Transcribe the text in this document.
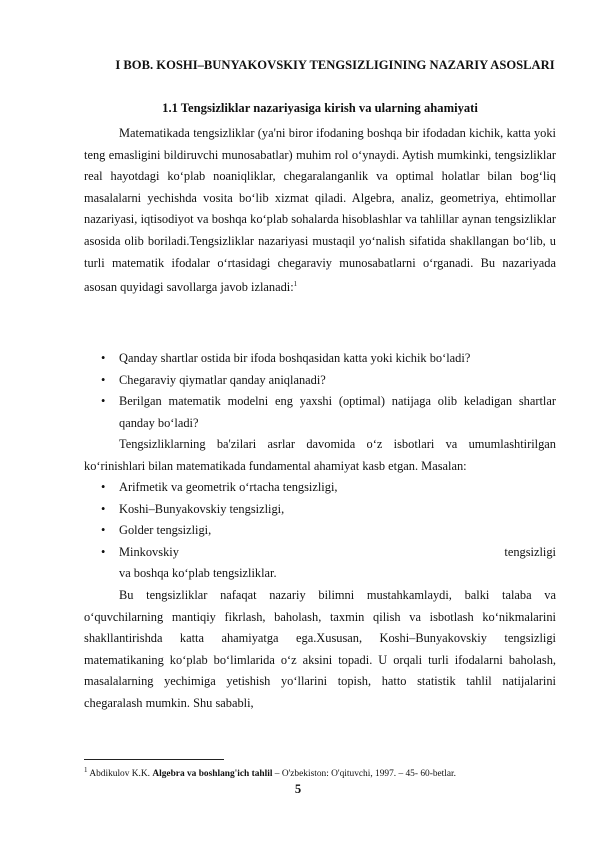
I BOB. KOSHI–BUNYAKOVSKIY TENGSIZLIGINING NAZARIY ASOSLARI
1.1 Tengsizliklar nazariyasiga kirish va ularning ahamiyati

Matematikada tengsizliklar (ya'ni biror ifodaning boshqa bir ifodadan kichik, katta yoki teng emasligini bildiruvchi munosabatlar) muhim rol o‘ynaydi. Aytish mumkinki, tengsizliklar real hayotdagi ko‘plab noaniqliklar, chegaralanganlik va optimal holatlar bilan bog‘liq masalalarni yechishda vosita bo‘lib xizmat qiladi. Algebra, analiz, geometriya, ehtimollar nazariyasi, iqtisodiyot va boshqa ko‘plab sohalarda hisoblashlar va tahlillar aynan tengsizliklar asosida olib boriladi.Tengsizliklar nazariyasi mustaqil yo‘nalish sifatida shakllangan bo‘lib, u turli matematik ifodalar o‘rtasidagi chegaraviy munosabatlarni o‘rganadi. Bu nazariyada asosan quyidagi savollarga javob izlanadi:$^1$

• Qanday shartlar ostida bir ifoda boshqasidan katta yoki kichik bo‘ladi?
• Chegaraviy qiymatlar qanday aniqlanadi?
• Berilgan matematik modelni eng yaxshi (optimal) natijaga olib keladigan shartlar qanday bo‘ladi?

Tengsizliklarning ba'zilari asrlar davomida o‘z isbotlari va umumlashtirilgan ko‘rinishlari bilan matematikada fundamental ahamiyat kasb etgan. Masalan:

• Arifmetik va geometrik o‘rtacha tengsizligi,
• Koshi–Bunyakovskiy tengsizligi,
• Golder tengsizligi,
• Minkovskiy	tengsizligi
va boshqa ko‘plab tengsizliklar.

Bu tengsizliklar nafaqat nazariy bilimni mustahkamlaydi, balki talaba va o‘quvchilarning mantiqiy fikrlash, baholash, taxmin qilish va isbotlash ko‘nikmalarini shakllantirishda katta ahamiyatga ega.Xususan, Koshi–Bunyakovskiy tengsizligi matematikaning ko‘plab bo‘limlarida o‘z aksini topadi. U orqali turli ifodalarni baholash, masalalarning yechimiga yetishish yo‘llarini topish, hatto statistik tahlil natijalarini chegaralash mumkin. Shu sababli,

$^1$ Abdikulov K.K. Algebra va boshlang'ich tahlil – O'zbekiston: O'qituvchi, 1997. – 45- 60-betlar.
5
